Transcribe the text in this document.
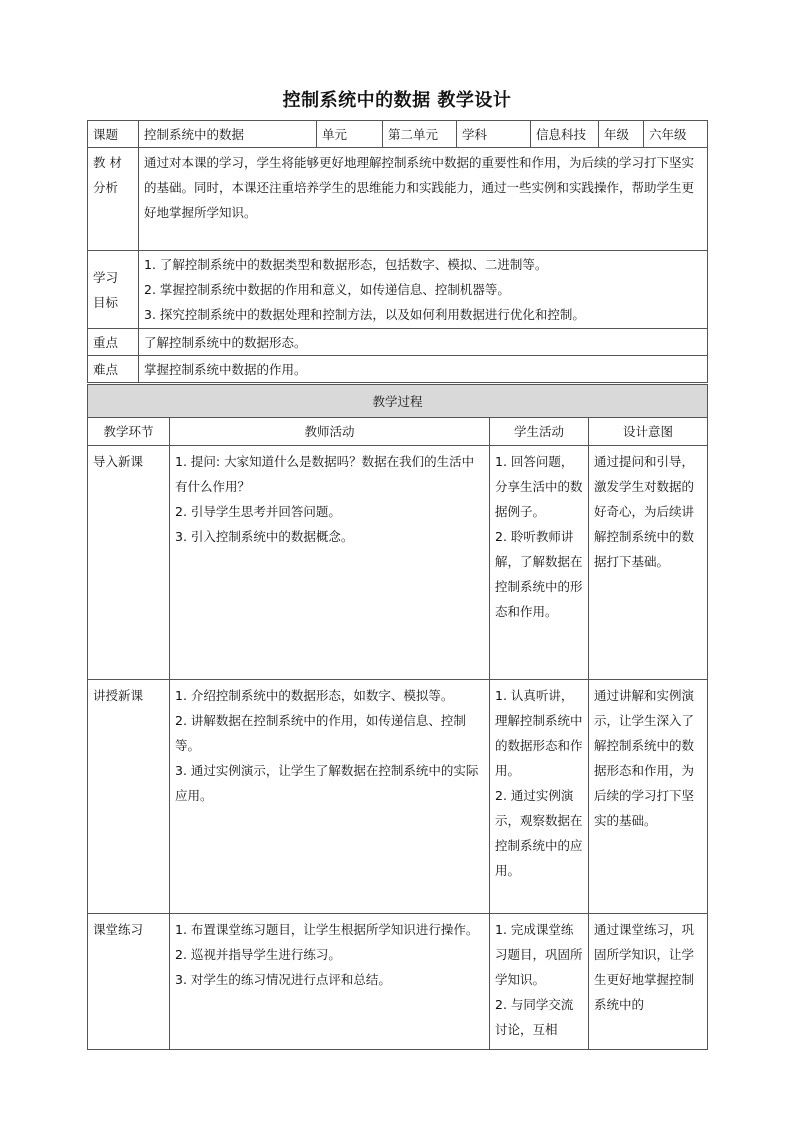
控制系统中的数据 教学设计
课题	控制系统中的数据	单元	第二单元	学科	信息科技	年级	六年级

教 材
分析	通过对本课的学习，学生将能够更好地理解控制系统中数据的重要性和作用，为后续的学习打下坚实的基础。同时，本课还注重培养学生的思维能力和实践能力，通过一些实例和实践操作，帮助学生更好地掌握所学知识。						

学习
目标	1. 了解控制系统中的数据类型和数据形态，包括数字、模拟、二进制等。
2. 掌握控制系统中数据的作用和意义，如传递信息、控制机器等。
3. 探究控制系统中的数据处理和控制方法，以及如何利用数据进行优化和控制。						

重点	了解控制系统中的数据形态。						
难点	掌握控制系统中数据的作用。						
教学过程			
教学环节	教师活动	学生活动	设计意图
导入新课	1. 提问: 大家知道什么是数据吗？数据在我们的生活中有什么作用？
2. 引导学生思考并回答问题。
3. 引入控制系统中的数据概念。	1. 回答问题，分享生活中的数据例子。
2. 聆听教师讲解，了解数据在控制系统中的形态和作用。	通过提问和引导，激发学生对数据的好奇心，为后续讲解控制系统中的数据打下基础。
讲授新课	1. 介绍控制系统中的数据形态，如数字、模拟等。
2. 讲解数据在控制系统中的作用，如传递信息、控制等。
3. 通过实例演示，让学生了解数据在控制系统中的实际应用。	1. 认真听讲，理解控制系统中的数据形态和作用。
2. 通过实例演示，观察数据在控制系统中的应用。	通过讲解和实例演示，让学生深入了解控制系统中的数据形态和作用，为后续的学习打下坚实的基础。
课堂练习	1. 布置课堂练习题目，让学生根据所学知识进行操作。
2. 巡视并指导学生进行练习。
3. 对学生的练习情况进行点评和总结。	1. 完成课堂练习题目，巩固所学知识。
2. 与同学交流讨论，互相	通过课堂练习，巩固所学知识，让学生更好地掌握控制系统中的
